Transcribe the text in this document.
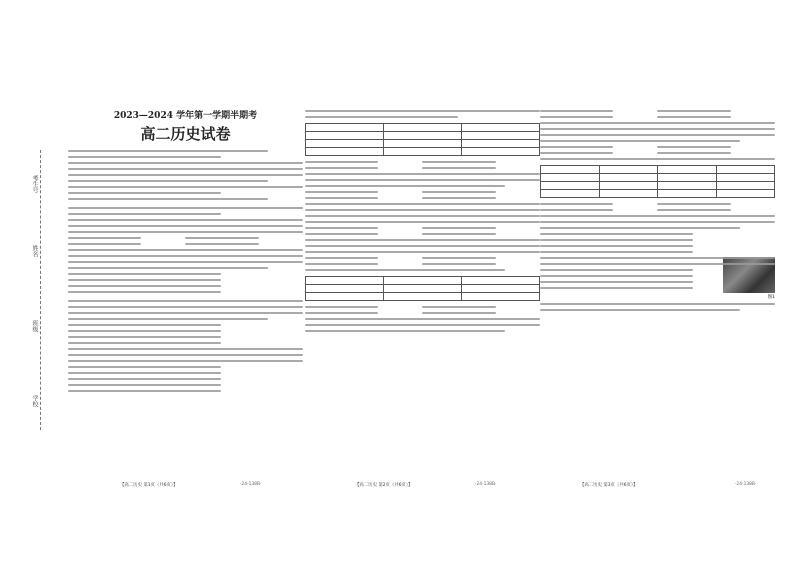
考生号
姓名
班级
学校

2023—2024 学年第一学期半期考

高二历史试卷

图1

【高二历史 第1页（共6页）】	·24-138B·	【高二历史 第2页（共6页）】	·24-138B·	【高二历史 第3页（共6页）】	·24-138B·
